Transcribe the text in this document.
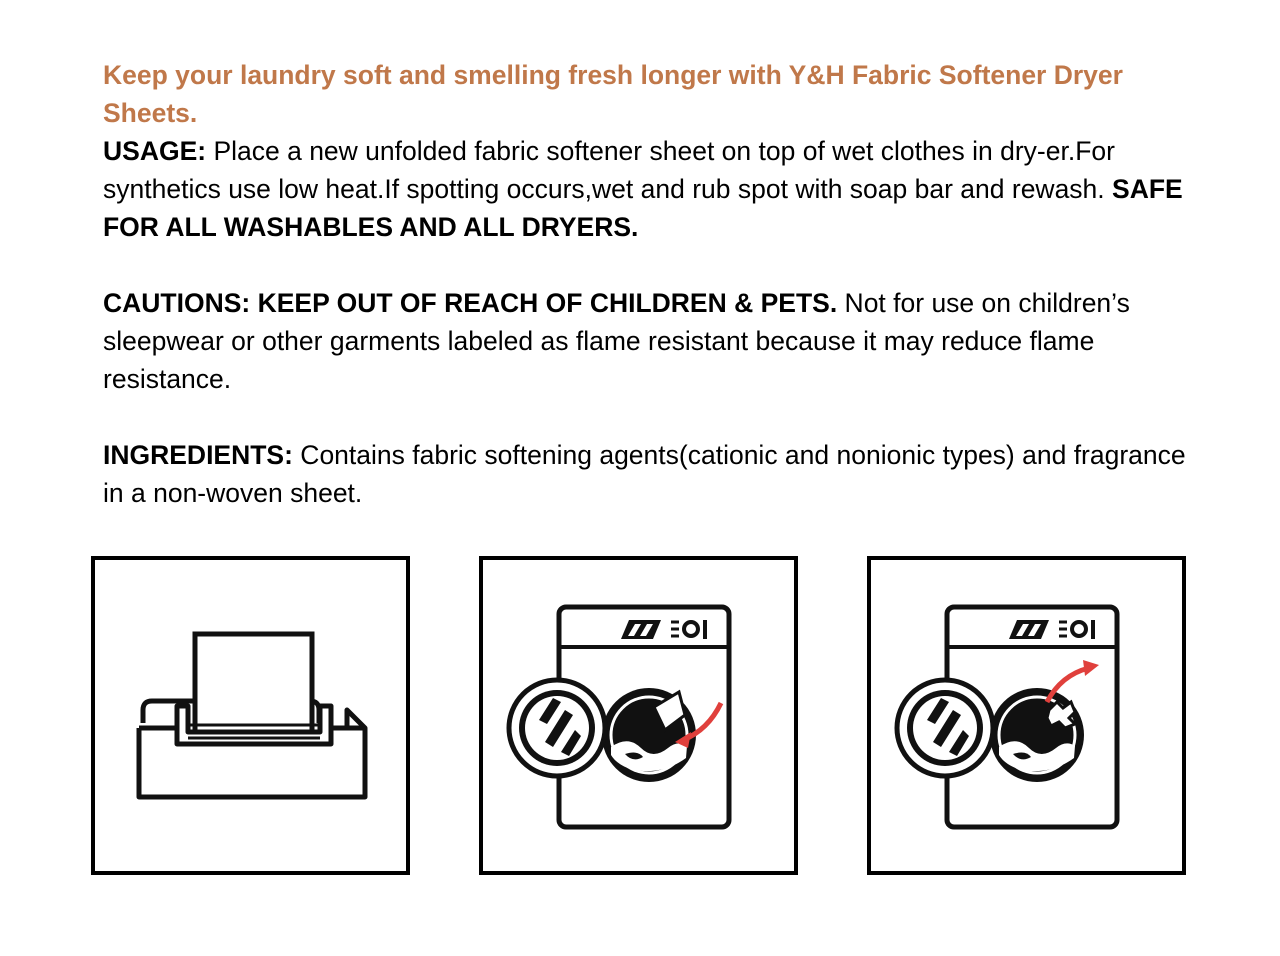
Keep your laundry soft and smelling fresh longer with Y&H Fabric Softener Dryer Sheets.

USAGE: Place a new unfolded fabric softener sheet on top of wet clothes in dry-er.For synthetics use low heat.If spotting occurs,wet and rub spot with soap bar and rewash. SAFE FOR ALL WASHABLES AND ALL DRYERS.

CAUTIONS: KEEP OUT OF REACH OF CHILDREN & PETS. Not for use on children’s sleepwear or other garments labeled as flame resistant because it may reduce flame resistance.

INGREDIENTS: Contains fabric softening agents(cationic and nonionic types) and fragrance in a non-woven sheet.
